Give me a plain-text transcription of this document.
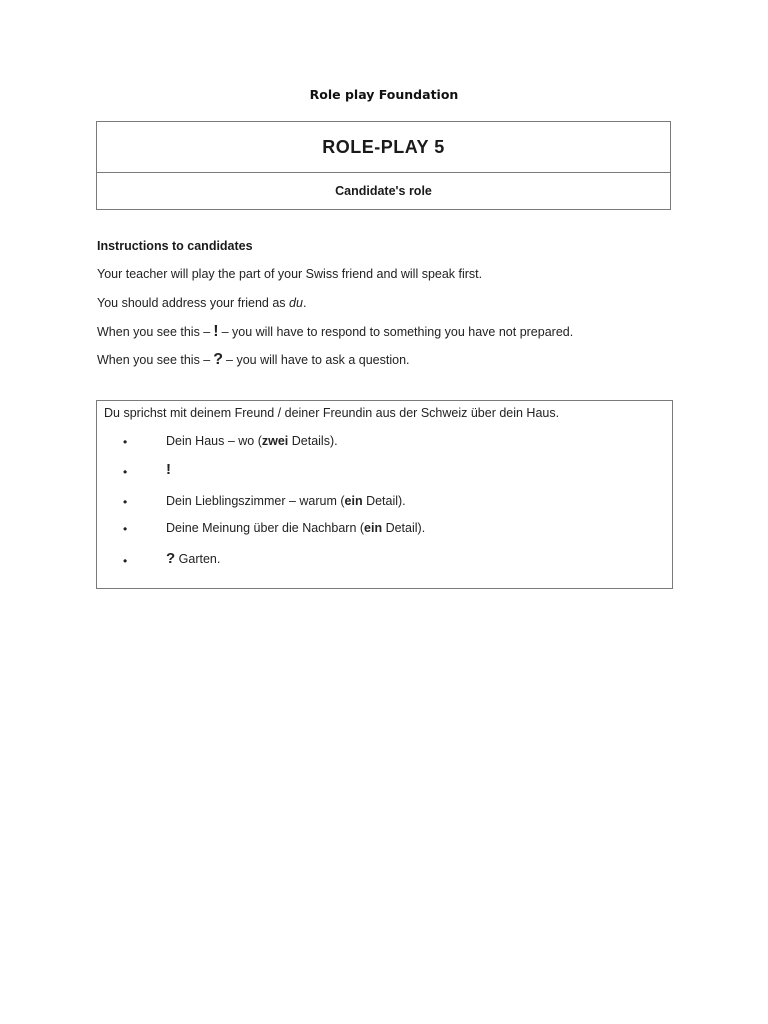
Role play Foundation
ROLE-PLAY 5
Candidate's role
Instructions to candidates
Your teacher will play the part of your Swiss friend and will speak first.
You should address your friend as du.
When you see this – ! – you will have to respond to something you have not prepared.
When you see this – ? – you will have to ask a question.
Du sprichst mit deinem Freund / deiner Freundin aus der Schweiz über dein Haus.
•	Dein Haus – wo (zwei Details).
•	!
•	Dein Lieblingszimmer – warum (ein Detail).
•	Deine Meinung über die Nachbarn (ein Detail).
•	? Garten.
